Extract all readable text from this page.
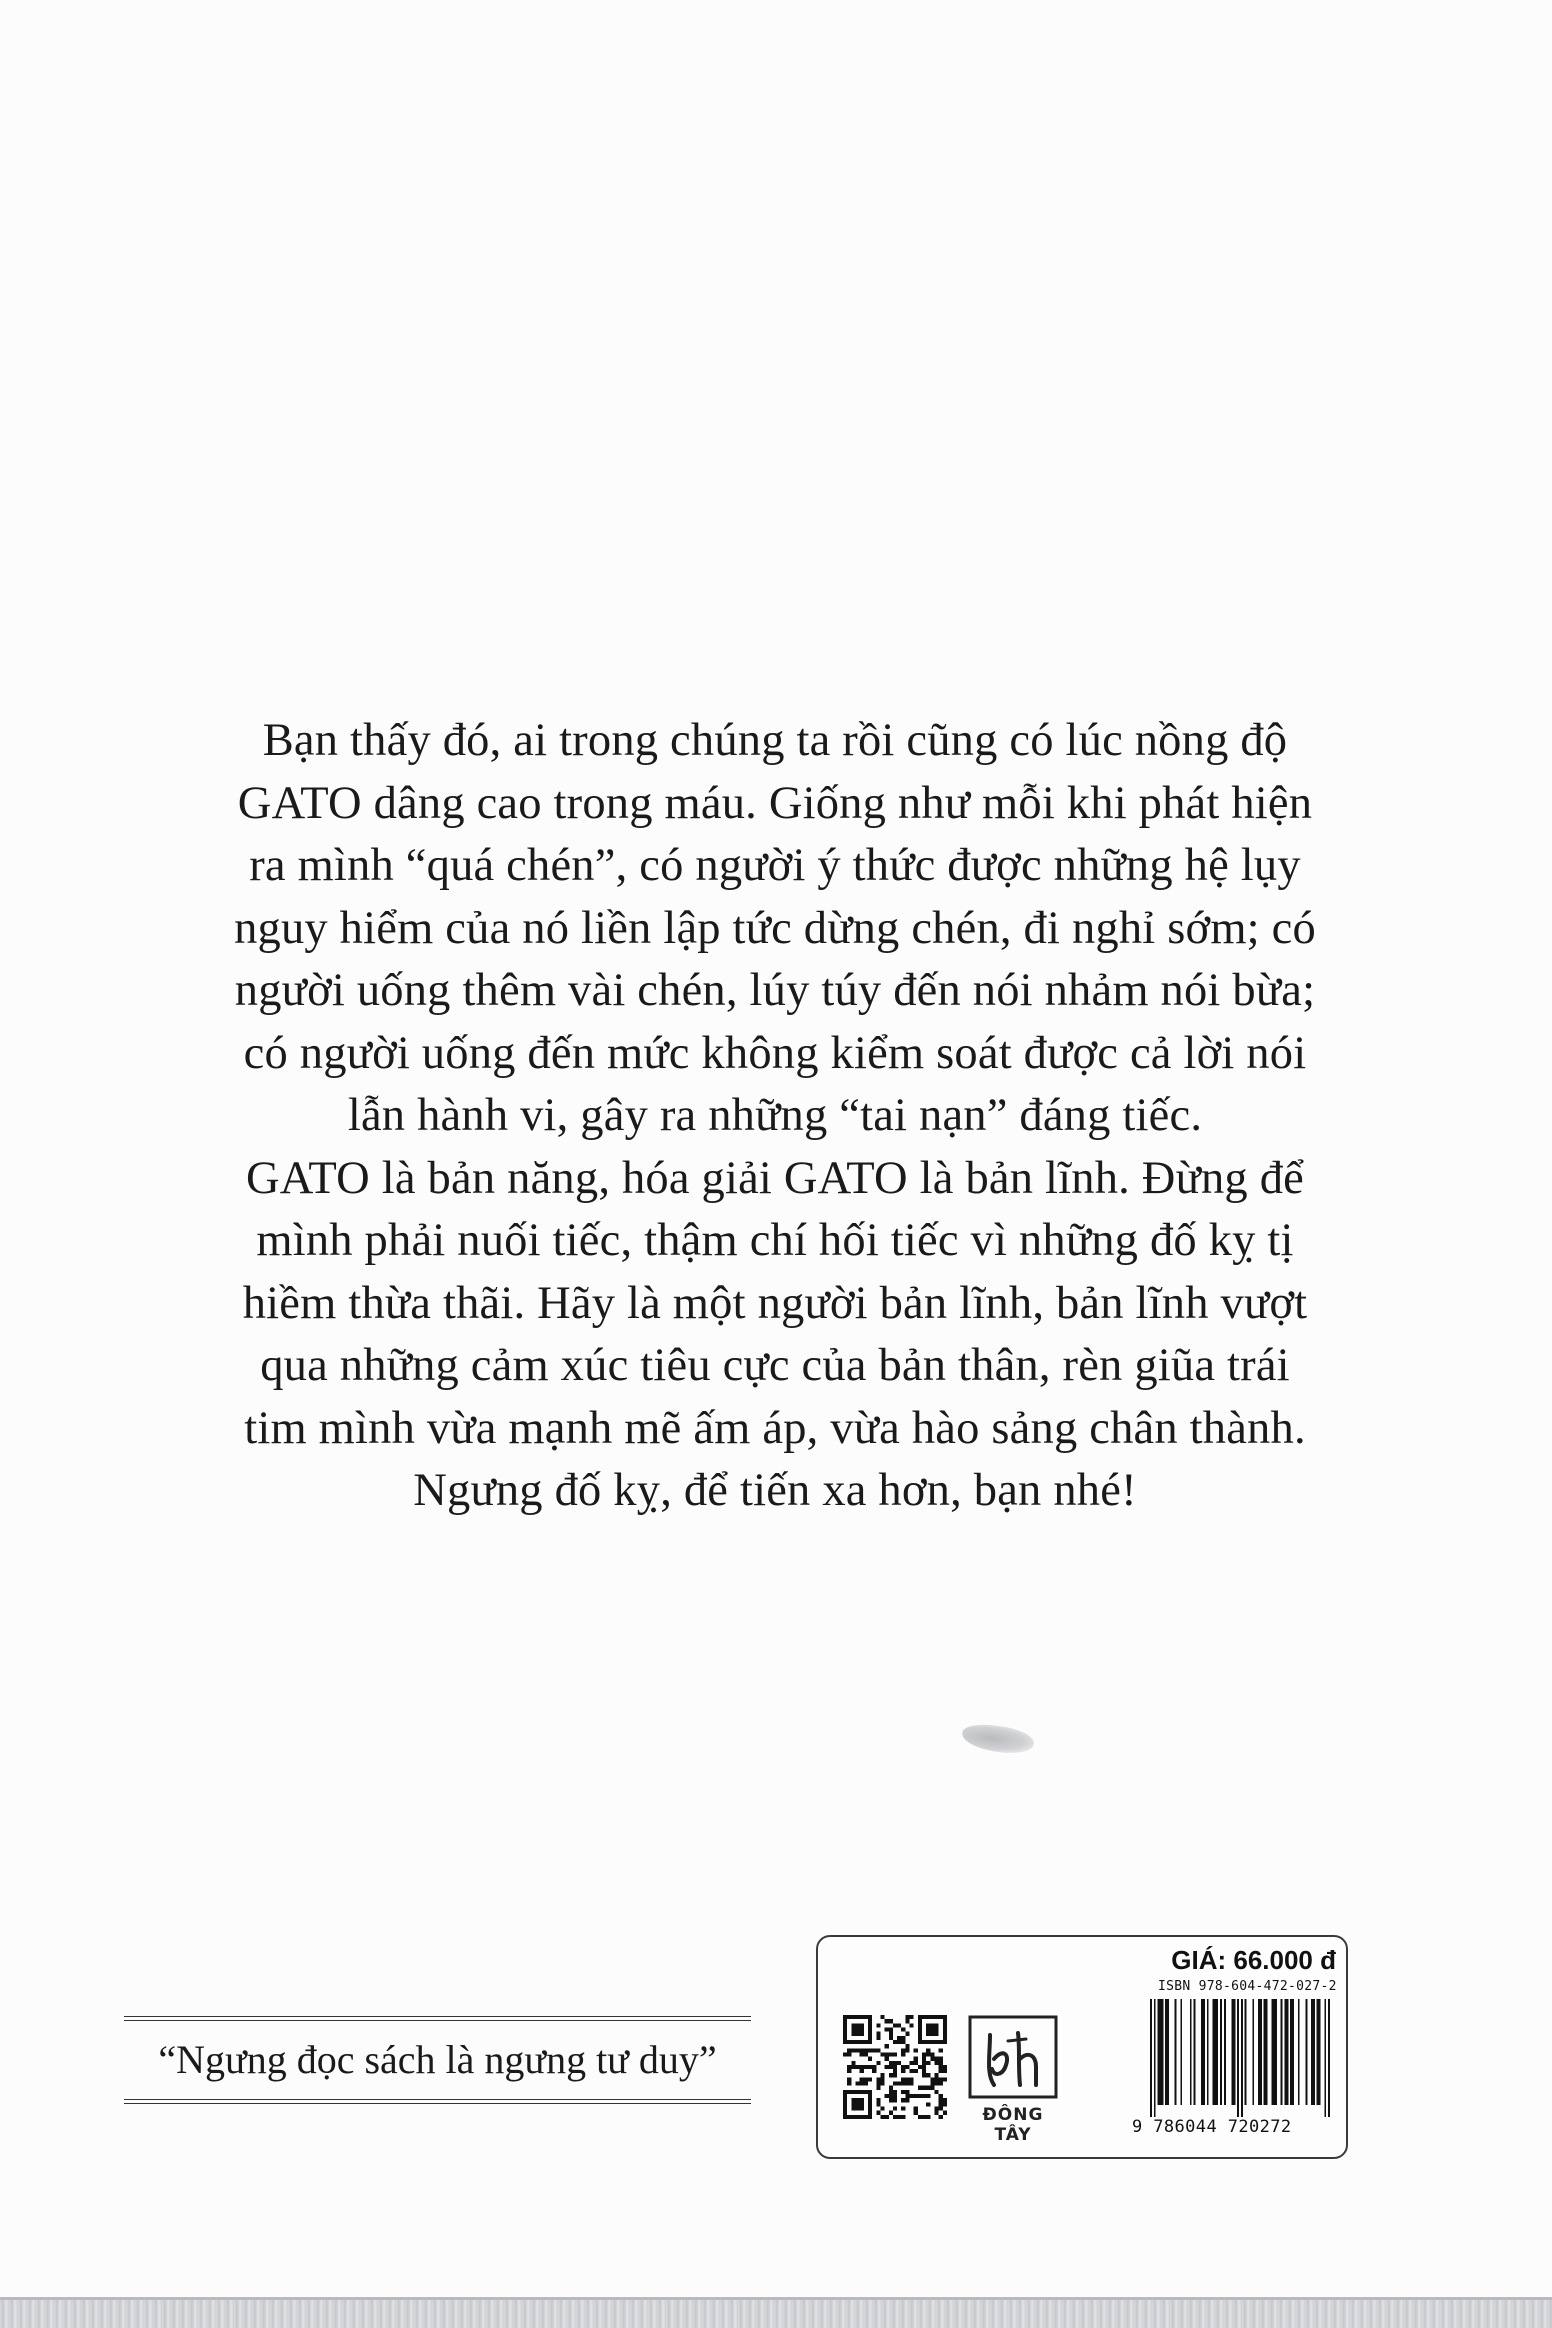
Bạn thấy đó, ai trong chúng ta rồi cũng có lúc nồng độ
GATO dâng cao trong máu. Giống như mỗi khi phát hiện
ra mình “quá chén”, có người ý thức được những hệ lụy
nguy hiểm của nó liền lập tức dừng chén, đi nghỉ sớm; có
người uống thêm vài chén, lúy túy đến nói nhảm nói bừa;
có người uống đến mức không kiểm soát được cả lời nói
lẫn hành vi, gây ra những “tai nạn” đáng tiếc.
GATO là bản năng, hóa giải GATO là bản lĩnh. Đừng để
mình phải nuối tiếc, thậm chí hối tiếc vì những đố kỵ tị
hiềm thừa thãi. Hãy là một người bản lĩnh, bản lĩnh vượt
qua những cảm xúc tiêu cực của bản thân, rèn giũa trái
tim mình vừa mạnh mẽ ấm áp, vừa hào sảng chân thành.
Ngưng đố kỵ, để tiến xa hơn, bạn nhé!
“Ngưng đọc sách là ngưng tư duy”
ĐÔNG TÂY
GIÁ: 66.000 đ
ISBN 978-604-472-027-2
9 786044 720272
